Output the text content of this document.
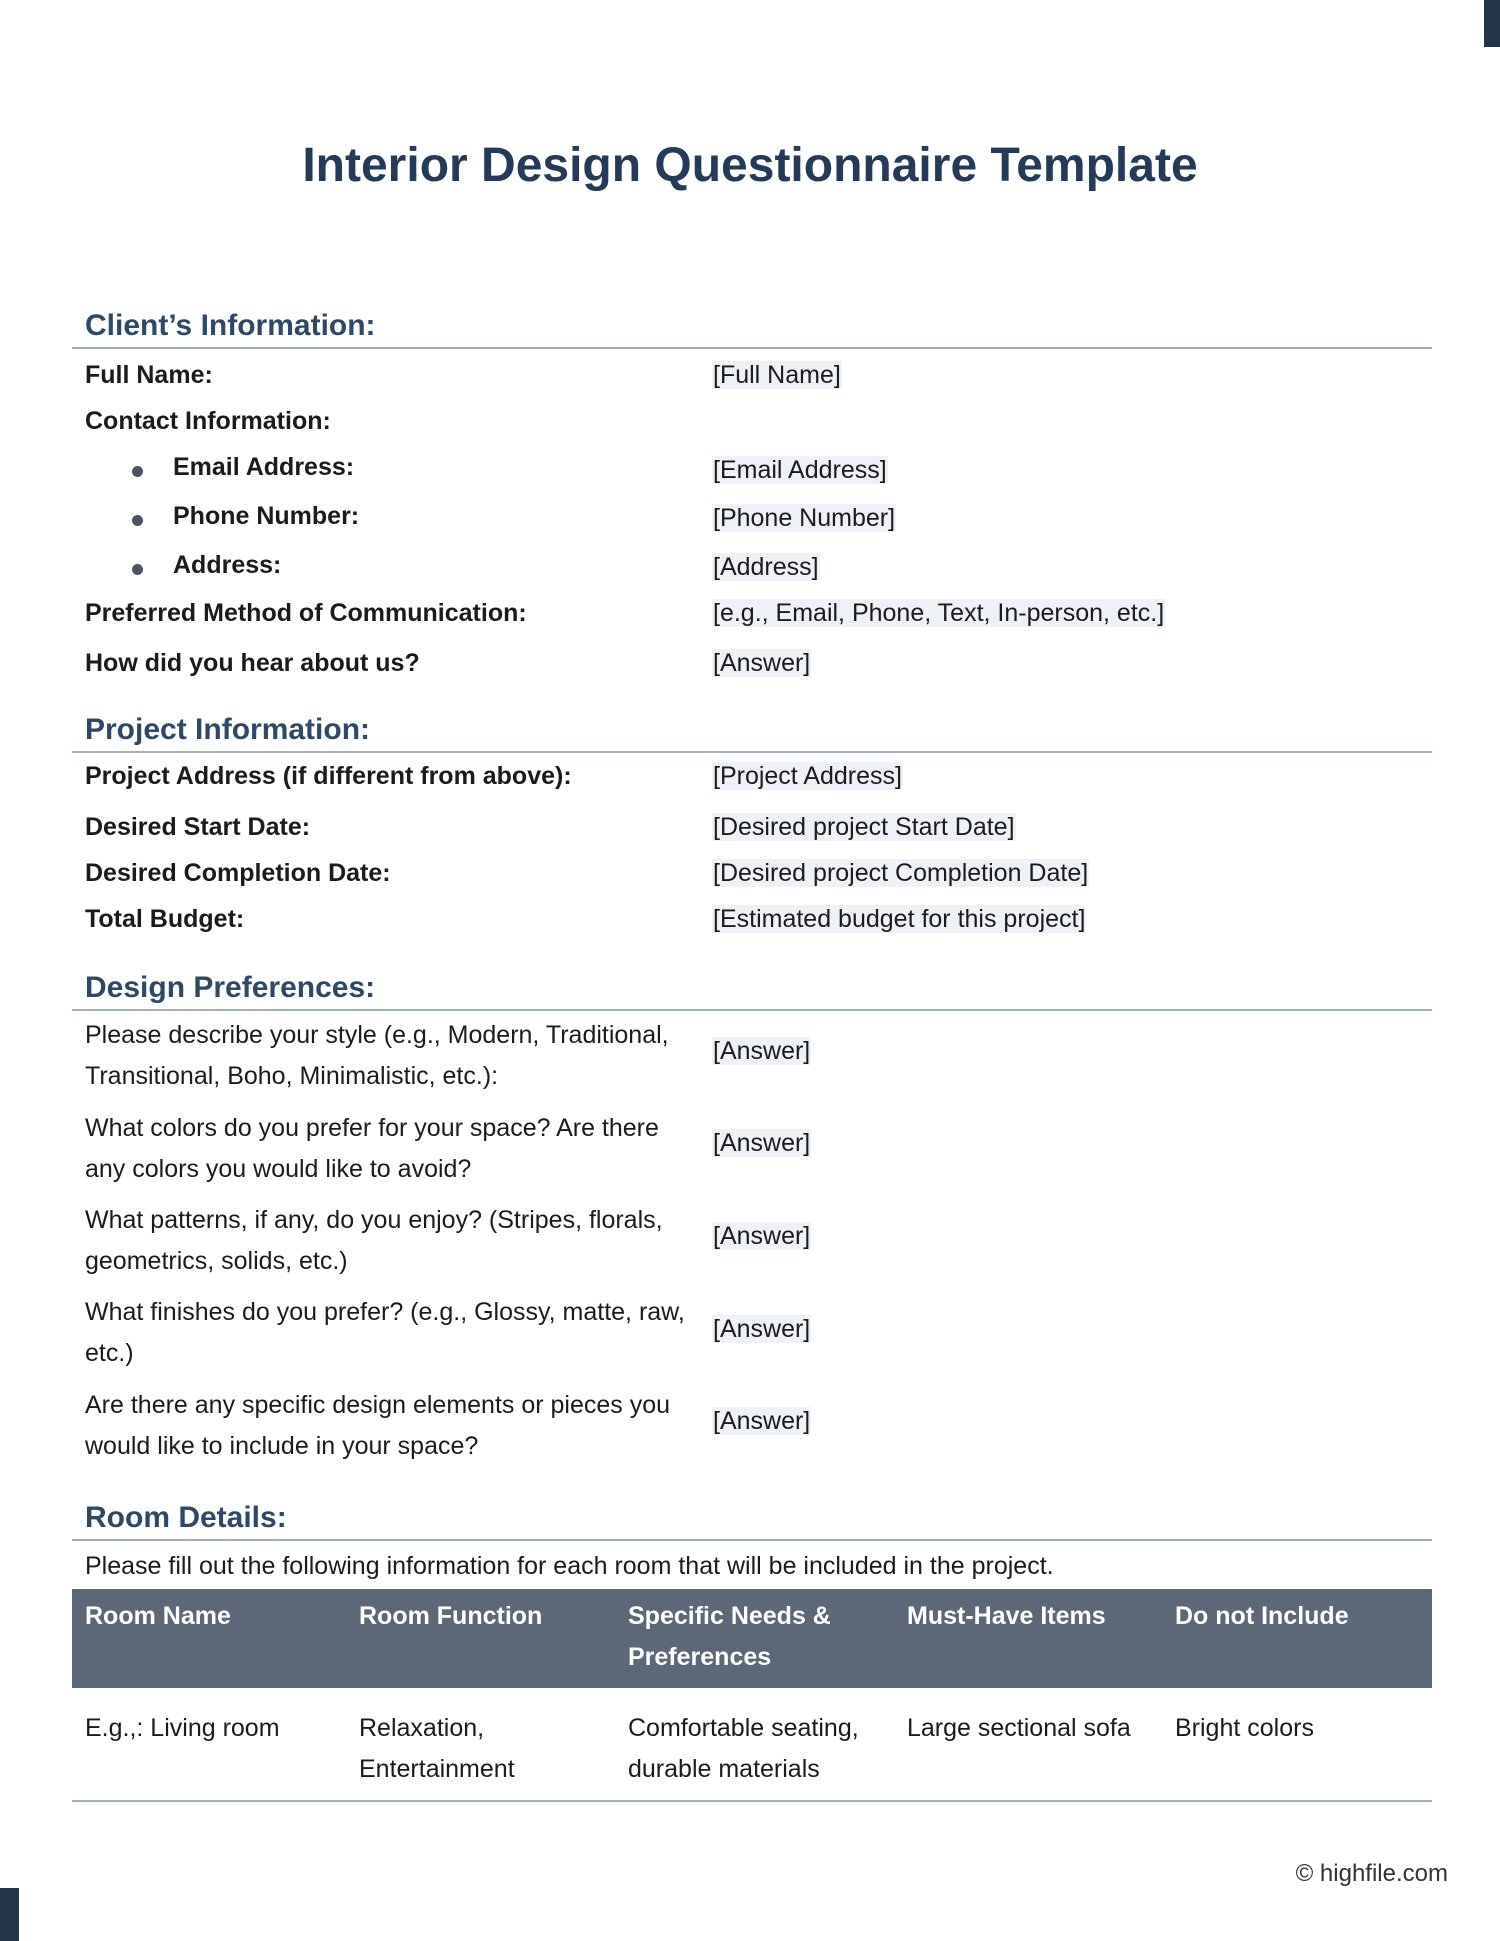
Interior Design Questionnaire Template
Client’s Information:
Full Name:	[Full Name]
Contact Information:
Email Address:	[Email Address]
Phone Number:	[Phone Number]
Address:	[Address]
Preferred Method of Communication:	[e.g., Email, Phone, Text, In-person, etc.]
How did you hear about us?	[Answer]
Project Information:
Project Address (if different from above):	[Project Address]
Desired Start Date:	[Desired project Start Date]
Desired Completion Date:	[Desired project Completion Date]
Total Budget:	[Estimated budget for this project]
Design Preferences:
Please describe your style (e.g., Modern, Traditional, Transitional, Boho, Minimalistic, etc.):
[Answer]
What colors do you prefer for your space? Are there any colors you would like to avoid?
[Answer]
What patterns, if any, do you enjoy? (Stripes, florals, geometrics, solids, etc.)
[Answer]
What finishes do you prefer? (e.g., Glossy, matte, raw, etc.)
[Answer]
Are there any specific design elements or pieces you would like to include in your space?
[Answer]
Room Details:
Please fill out the following information for each room that will be included in the project.
Room Name	Room Function	Specific Needs & Preferences	Must-Have Items	Do not Include
E.g.,: Living room	Relaxation, Entertainment	Comfortable seating, durable materials	Large sectional sofa	Bright colors
© highfile.com
